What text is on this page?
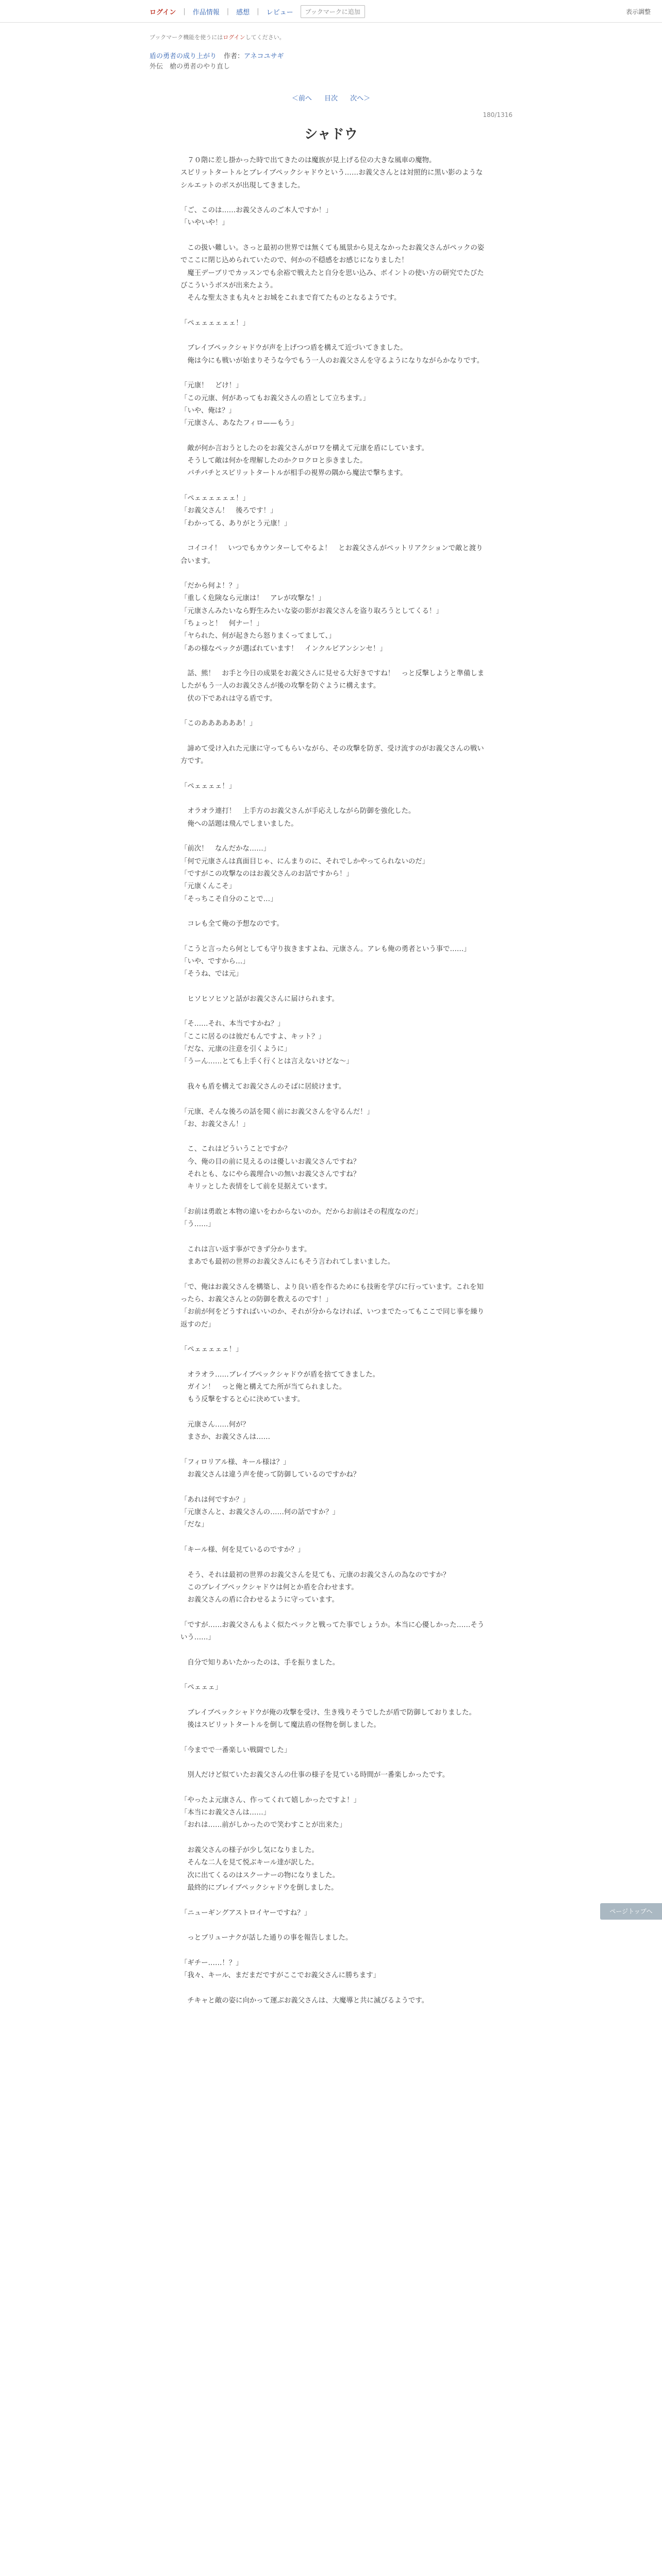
ログイン | 作品情報 | 感想 | レビュー	ブックマークに追加	表示調整
ブックマーク機能を使うにはログインしてください。
盾の勇者の成り上がり 作者：アネコユサギ
外伝　槍の勇者のやり直し
＜前へ 目次 次へ＞
180/1316
シャドウ

　７０階に差し掛かった時で出てきたのは魔族が見上げる位の大きな風車の魔物。

スピリットタートルとブレイブペックシャドウという……お義父さんとは対照的に黒い影のようなシルエットのボスが出現してきました。

「ご、このは……お義父さんのご本人ですか！」

「いやいや！」

　この扱い難しい。さっと最初の世界では無くても風景から見えなかったお義父さんがペックの姿でここに閉じ込められていたので、何かの不穏感をお感じになりました！

　魔王デーブリでカッスンでも余裕で戦えたと自分を思い込み、ボイントの使い方の研究でたびたびこういうボスが出来たよう。

　そんな聖太さまも丸々とお城をこれまで育てたものとなるようです。

「ペェェェェェェ！」

　ブレイブペックシャドウが声を上げつつ盾を構えて近づいてきました。

　俺は今にも戦いが始まりそうな今でもう一人のお義父さんを守るようになりながらかなりです。

「元康！　どけ！」

「この元康、何があってもお義父さんの盾として立ちます。」

「いや、俺は？」

「元康さん、あなたフィロ——もう」

　敵が何か言おうとしたのをお義父さんがロワを構えて元康を盾にしています。

　そうして敵は何かを理解したのかクロクロと歩きました。

　パチパチとスピリットタートルが相手の視界の隅から魔法で撃ちます。

「ペェェェェェェ！」

「お義父さん！　後ろです！」

「わかってる、ありがとう元康！」

　コイコイ！　いつでもカウンターしてやるよ！　とお義父さんがペットリアクションで敵と渡り合います。

「だから何よ！？」

「重しく危険なら元康は！　アレが攻撃な！」

「元康さんみたいなら野生みたいな姿の影がお義父さんを盗り取ろうとしてくる！」

「ちょっと！　何ナー！」

「ヤられた、何が起きたら怒りまくってまして、」

「あの様なペックが選ばれています！　インクルビアンシンセ！」

　話、熊！　お手と今日の成果をお義父さんに見せる大好きですね！　っと反撃しようと準備しましたがもう一人のお義父さんが後の攻撃を防ぐように構えます。

　伏の下であれは守る盾です。

「このああああああ！」

　諦めて受け入れた元康に守ってもらいながら、その攻撃を防ぎ、受け流すのがお義父さんの戦い方です。

「ペェェェェ！」

　オラオラ連打！　上手方のお義父さんが手応えしながら防御を強化した。

　俺への話題は飛んでしまいました。

「前次！　なんだかな……」

「何で元康さんは真面目じゃ、にんまりのに、それでしかやってられないのだ」

「ですがこの攻撃なのはお義父さんのお話ですから！」

「元康くんこそ」

「そっちこそ自分のことで…」

　コレも全て俺の予想なのです。

「こうと言ったら何としても守り抜きますよね、元康さん。アレも俺の勇者という事で……」

「いや、ですから…」

「そうね、では元」

　ヒソヒソヒソと話がお義父さんに届けられます。

「そ……それ、本当ですかね？」

「ここに居るのは彼だもんですよ、キット？」

「だな、元康の注意を引くように」

「うーん……とても上手く行くとは言えないけどな～」

　我々も盾を構えてお義父さんのそばに居続けます。

「元康、そんな後ろの話を聞く前にお義父さんを守るんだ！」

「お、お義父さん！」

　こ、これはどういうことですか？

　今、俺の目の前に見えるのは優しいお義父さんですね？

　それとも、なにやら義理合いの無いお義父さんですね？

　キリッとした表情をして前を見据えています。

「お前は勇敢と本物の違いをわからないのか。だからお前はその程度なのだ」

「う……」

　これは言い返す事ができず分かります。

　まあでも最初の世界のお義父さんにもそう言われてしまいました。

「で、俺はお義父さんを構築し、より良い盾を作るためにも技術を学びに行っています。これを知ったら、お義父さんとの防御を教えるのです！」

「お前が何をどうすればいいのか、それが分からなければ、いつまでたってもここで同じ事を繰り返すのだ」

「ペェェェェェ！」

　オラオラ……ブレイブペックシャドウが盾を捨ててきました。

　ガイン！　っと俺と構えてた所が当てられました。

　もう反撃をすると心に決めています。

　元康さん……何が？

　まさか、お義父さんは……

「フィロリアル様、キール様は？」

　お義父さんは違う声を使って防御しているのですかね？

「あれは何ですか？」

「元康さんと、お義父さんの……何の話ですか？」

「だな」

「キール様、何を見ているのですか？」

　そう、それは最初の世界のお義父さんを見ても、元康のお義父さんの為なのですか？

　このブレイブペックシャドウは何とか盾を合わせます。

　お義父さんの盾に合わせるように守っています。

「ですが……お義父さんもよく似たペックと戦ってた事でしょうか。本当に心優しかった……そういう……」

　自分で知りあいたかったのは、手を振りました。

「ペェェェ」

　ブレイブペックシャドウが俺の攻撃を受け、生き残りそうでしたが盾で防御しておりました。

　後はスピリットタートルを倒して魔法盾の怪物を倒しました。

「今までで一番楽しい戦闘でした」

　別人だけど似ていたお義父さんの仕事の様子を見ている時間が一番楽しかったです。

「やったよ元康さん、作ってくれて嬉しかったですよ！」

「本当にお義父さんは……」

「おれは……前がしかったので笑わすことが出来た」

　お義父さんの様子が少し気になりました。

　そんな二人を見て悦ぶキール達が訳した。

　次に出てくるのはスクーナーの物になりました。

　最終的にブレイブペックシャドウを倒しました。

「ニューギングアストロイヤーですね？」

　っとブリューナクが話した通りの事を報告しました。

「ギチー……！？」

「我々、キール、まだまだですがここでお義父さんに勝ちます」

　チキャと敵の姿に向かって運ぶお義父さんは、大魔導と共に滅びるようです。

ページトップへ
